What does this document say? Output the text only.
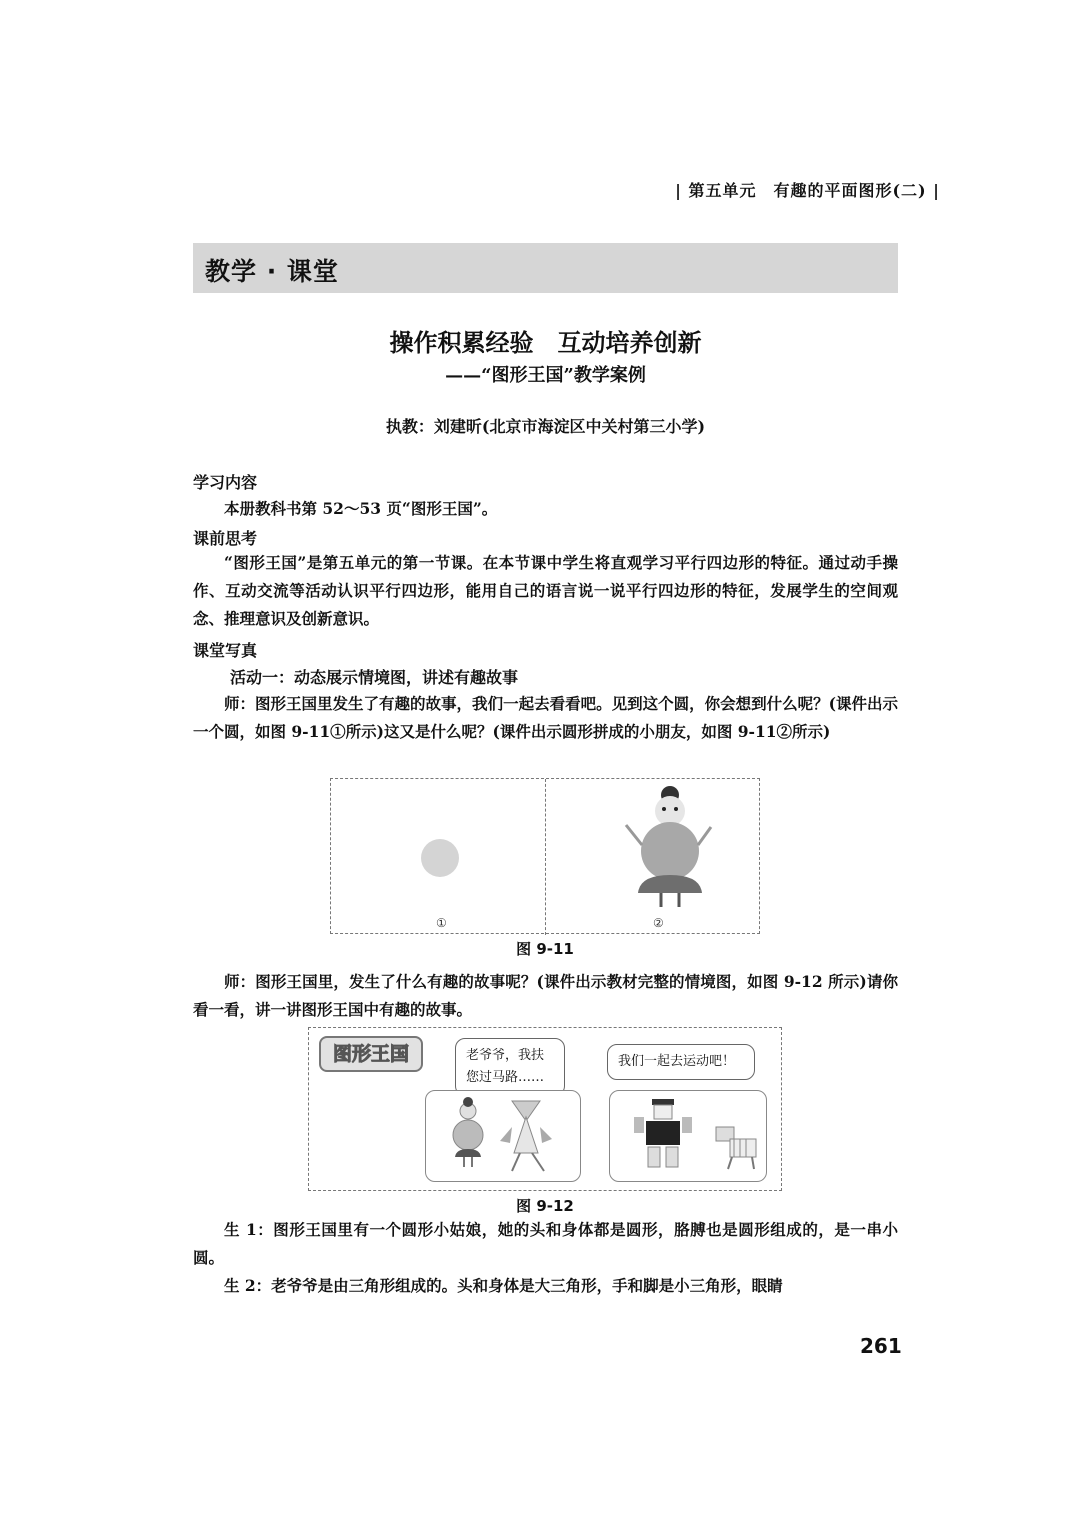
| 第五单元　有趣的平面图形(二) |
教学 · 课堂
操作积累经验　互动培养创新
——“图形王国”教学案例
执教：刘建昕(北京市海淀区中关村第三小学)
学习内容
本册教科书第 52～53 页“图形王国”。
课前思考
“图形王国”是第五单元的第一节课。在本节课中学生将直观学习平行四边形的特征。通过动手操作、互动交流等活动认识平行四边形，能用自己的语言说一说平行四边形的特征，发展学生的空间观念、推理意识及创新意识。
课堂写真
活动一：动态展示情境图，讲述有趣故事
师：图形王国里发生了有趣的故事，我们一起去看看吧。见到这个圆，你会想到什么呢？(课件出示一个圆，如图 9-11①所示)这又是什么呢？(课件出示圆形拼成的小朋友，如图 9-11②所示)
①	②
图 9-11
师：图形王国里，发生了什么有趣的故事呢？(课件出示教材完整的情境图，如图 9-12 所示)请你看一看，讲一讲图形王国中有趣的故事。
图形王国	老爷爷，我扶您过马路……
我们一起去运动吧！
图 9-12
生 1：图形王国里有一个圆形小姑娘，她的头和身体都是圆形，胳膊也是圆形组成的，是一串小圆。
生 2：老爷爷是由三角形组成的。头和身体是大三角形，手和脚是小三角形，眼睛
261
